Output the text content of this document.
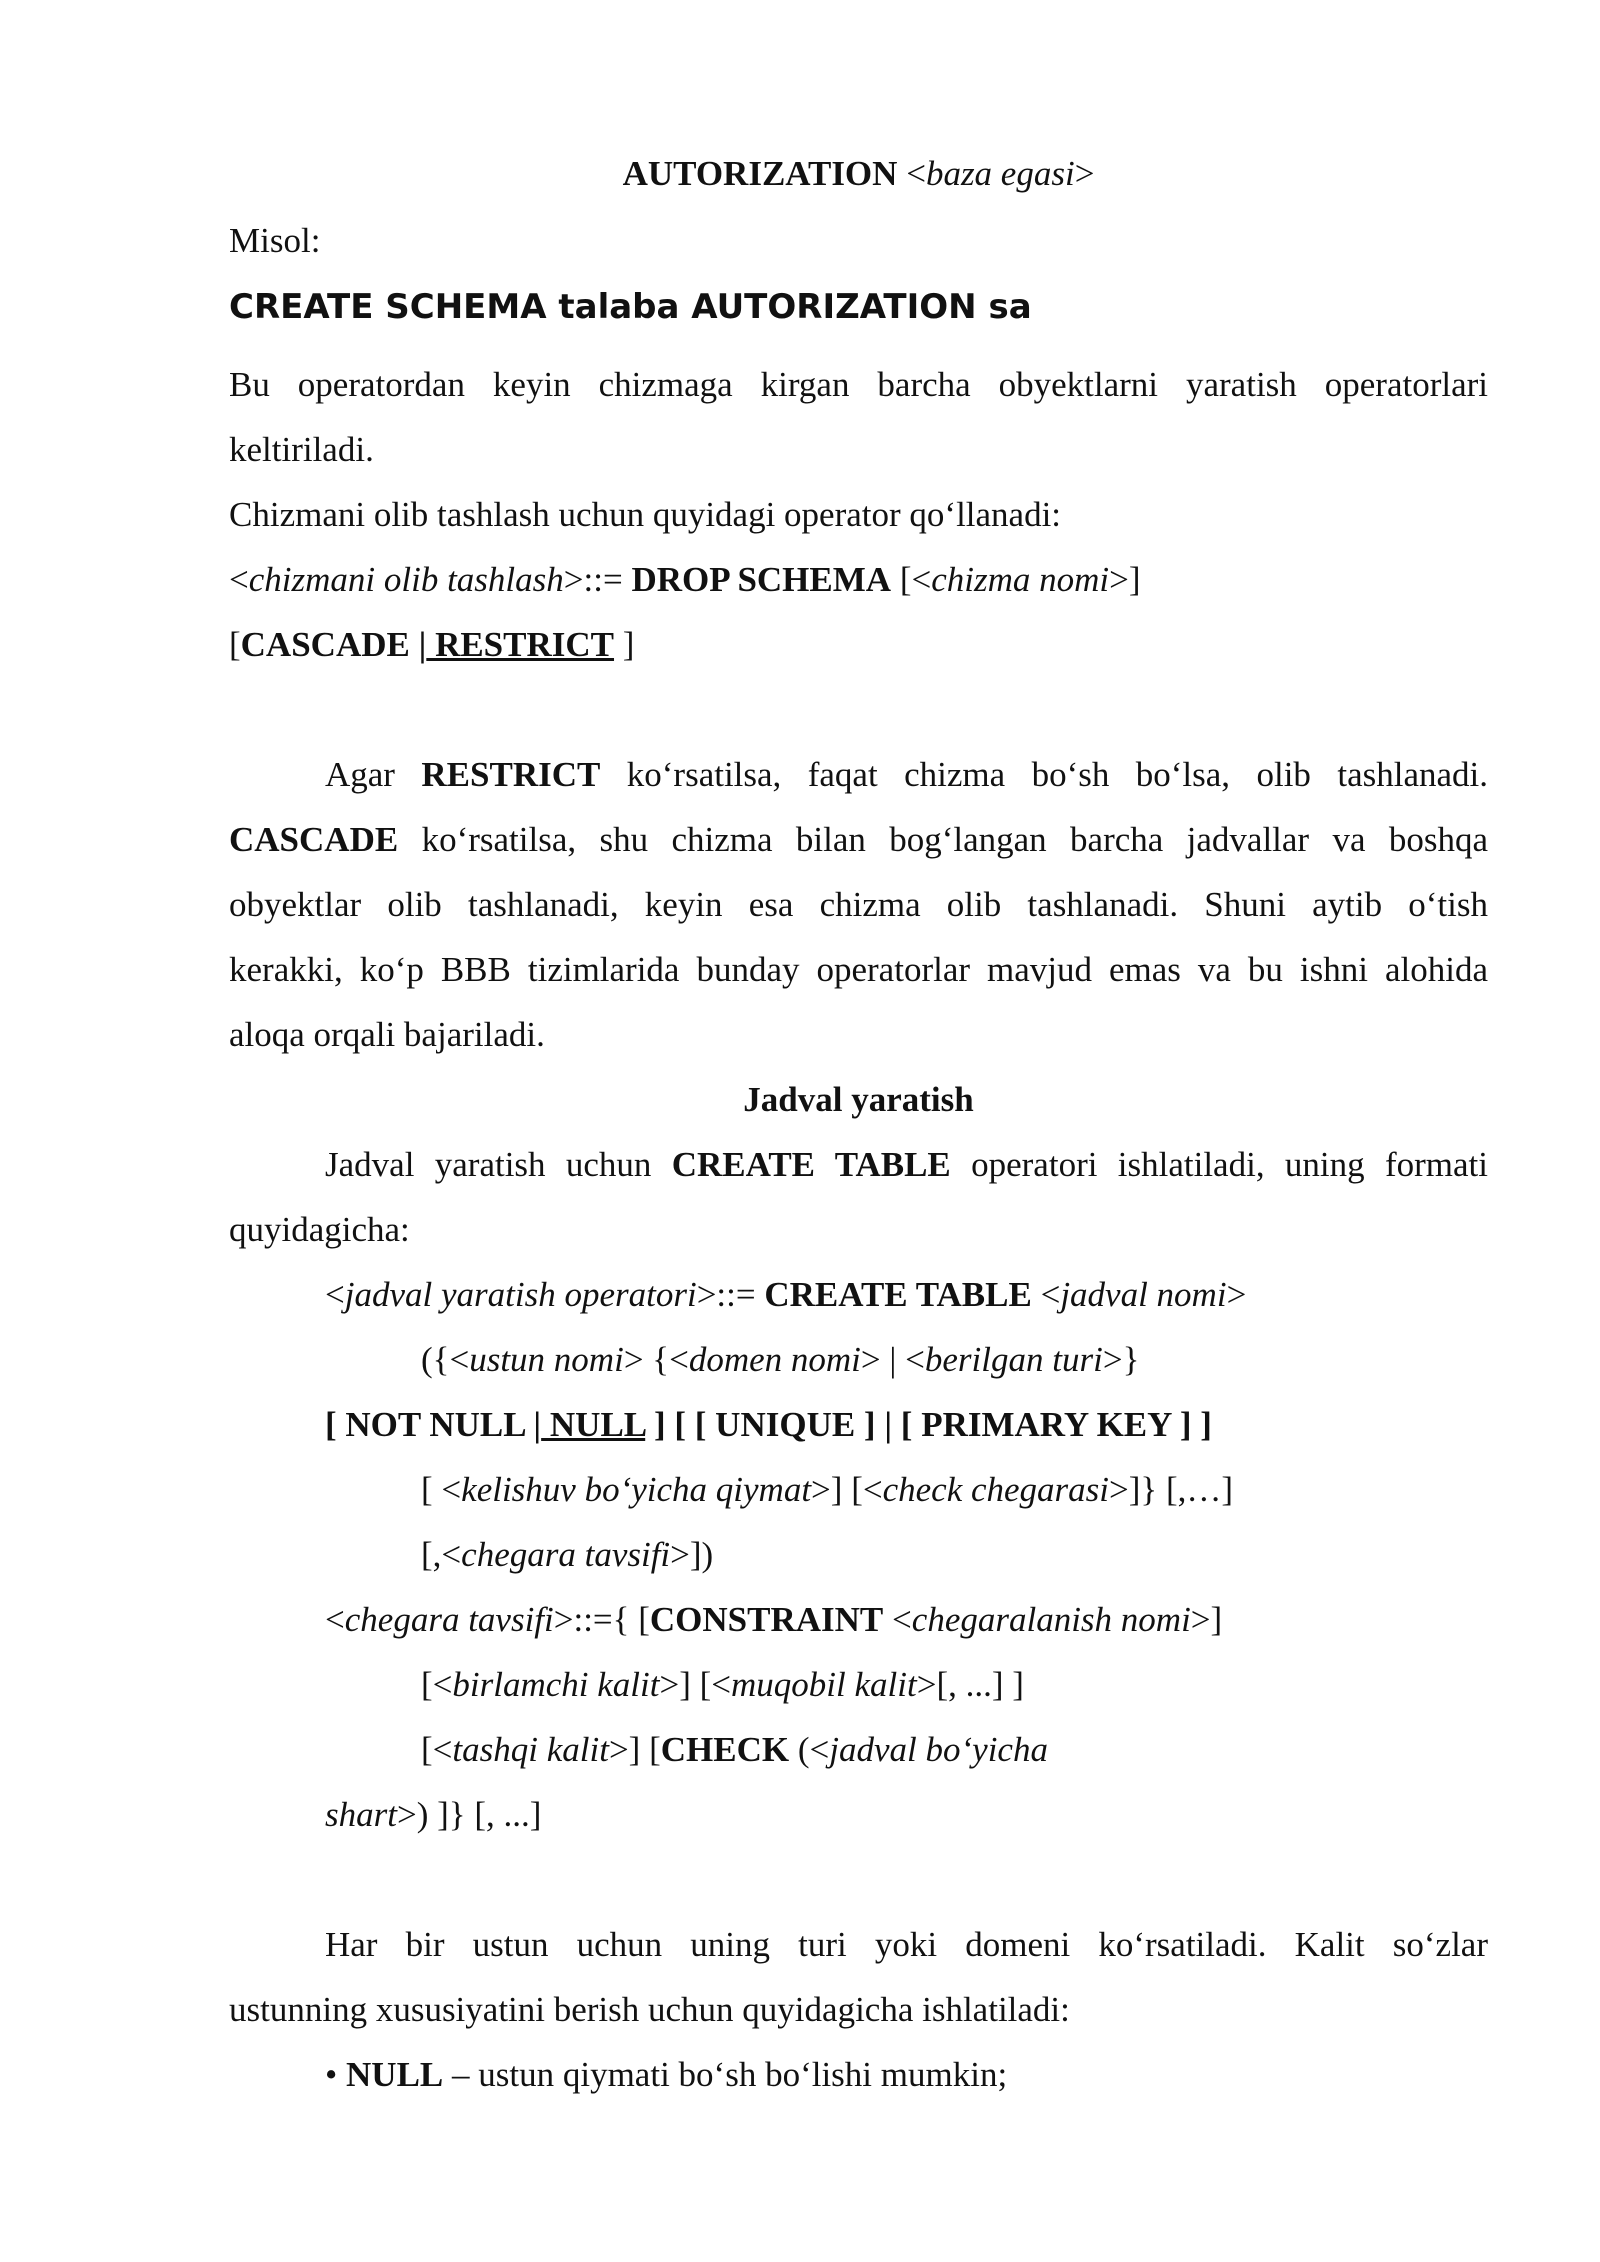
AUTORIZATION <baza egasi>
Misol:
CREATE SCHEMA talaba AUTORIZATION sa
Bu operatordan keyin chizmaga kirgan barcha obyektlarni yaratish operatorlari
keltiriladi.
Chizmani olib tashlash uchun quyidagi operator qo‘llanadi:
<chizmani olib tashlash>::= DROP SCHEMA [<chizma nomi>]
[CASCADE | RESTRICT ]
Agar RESTRICT ko‘rsatilsa, faqat chizma bo‘sh bo‘lsa, olib tashlanadi.
CASCADE ko‘rsatilsa, shu chizma bilan bog‘langan barcha jadvallar va boshqa
obyektlar olib tashlanadi, keyin esa chizma olib tashlanadi. Shuni aytib o‘tish
kerakki, ko‘p BBB tizimlarida bunday operatorlar mavjud emas va bu ishni alohida
aloqa orqali bajariladi.
Jadval yaratish
Jadval yaratish uchun CREATE TABLE operatori ishlatiladi, uning formati
quyidagicha:
<jadval yaratish operatori>::= CREATE TABLE <jadval nomi>
({<ustun nomi> {<domen nomi> | <berilgan turi>}
[ NOT NULL | NULL ] [ [ UNIQUE ] | [ PRIMARY KEY ] ]
[ <kelishuv bo‘yicha qiymat>] [<check chegarasi>]} [,…]
[,<chegara tavsifi>])
<chegara tavsifi>::={ [CONSTRAINT <chegaralanish nomi>]
[<birlamchi kalit>] [<muqobil kalit>[, ...] ]
[<tashqi kalit>] [CHECK (<jadval bo‘yicha
shart>) ]} [, ...]
Har bir ustun uchun uning turi yoki domeni ko‘rsatiladi. Kalit so‘zlar
ustunning xususiyatini berish uchun quyidagicha ishlatiladi:
• NULL – ustun qiymati bo‘sh bo‘lishi mumkin;
